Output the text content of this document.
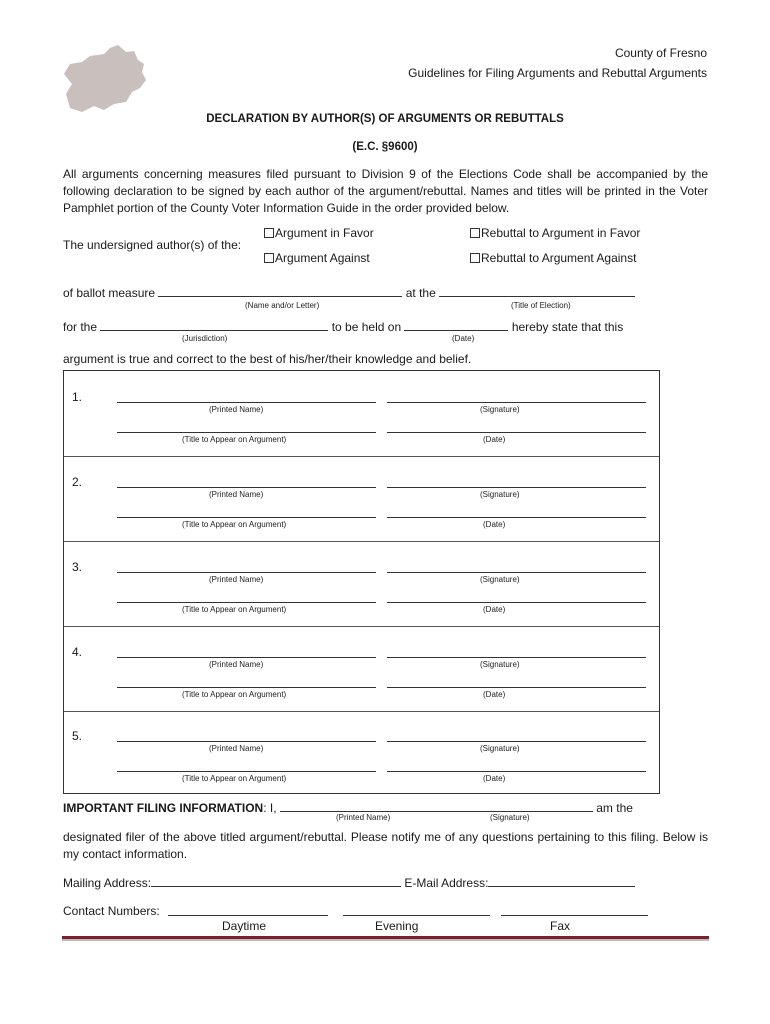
County of Fresno
Guidelines for Filing Arguments and Rebuttal Arguments
DECLARATION BY AUTHOR(S) OF ARGUMENTS OR REBUTTALS
(E.C. §9600)
All arguments concerning measures filed pursuant to Division 9 of the Elections Code shall be accompanied by the following declaration to be signed by each author of the argument/rebuttal. Names and titles will be printed in the Voter Pamphlet portion of the County Voter Information Guide in the order provided below.
The undersigned author(s) of the:
Argument in Favor	Rebuttal to Argument in Favor
Argument Against	Rebuttal to Argument Against
of ballot measure	at the
(Name and/or Letter)	(Title of Election)
for the	to be held on	hereby state that this
(Jurisdiction)	(Date)
argument is true and correct to the best of his/her/their knowledge and belief.
1.
(Printed Name)	(Signature)
(Title to Appear on Argument)	(Date)
2.
(Printed Name)	(Signature)
(Title to Appear on Argument)	(Date)
3.
(Printed Name)	(Signature)
(Title to Appear on Argument)	(Date)
4.
(Printed Name)	(Signature)
(Title to Appear on Argument)	(Date)
5.
(Printed Name)	(Signature)
(Title to Appear on Argument)	(Date)
IMPORTANT FILING INFORMATION: I,	am the
(Printed Name)	(Signature)
designated filer of the above titled argument/rebuttal. Please notify me of any questions pertaining to this filing. Below is my contact information.
Mailing Address:	E-Mail Address:
Contact Numbers:
Daytime	Evening	Fax
